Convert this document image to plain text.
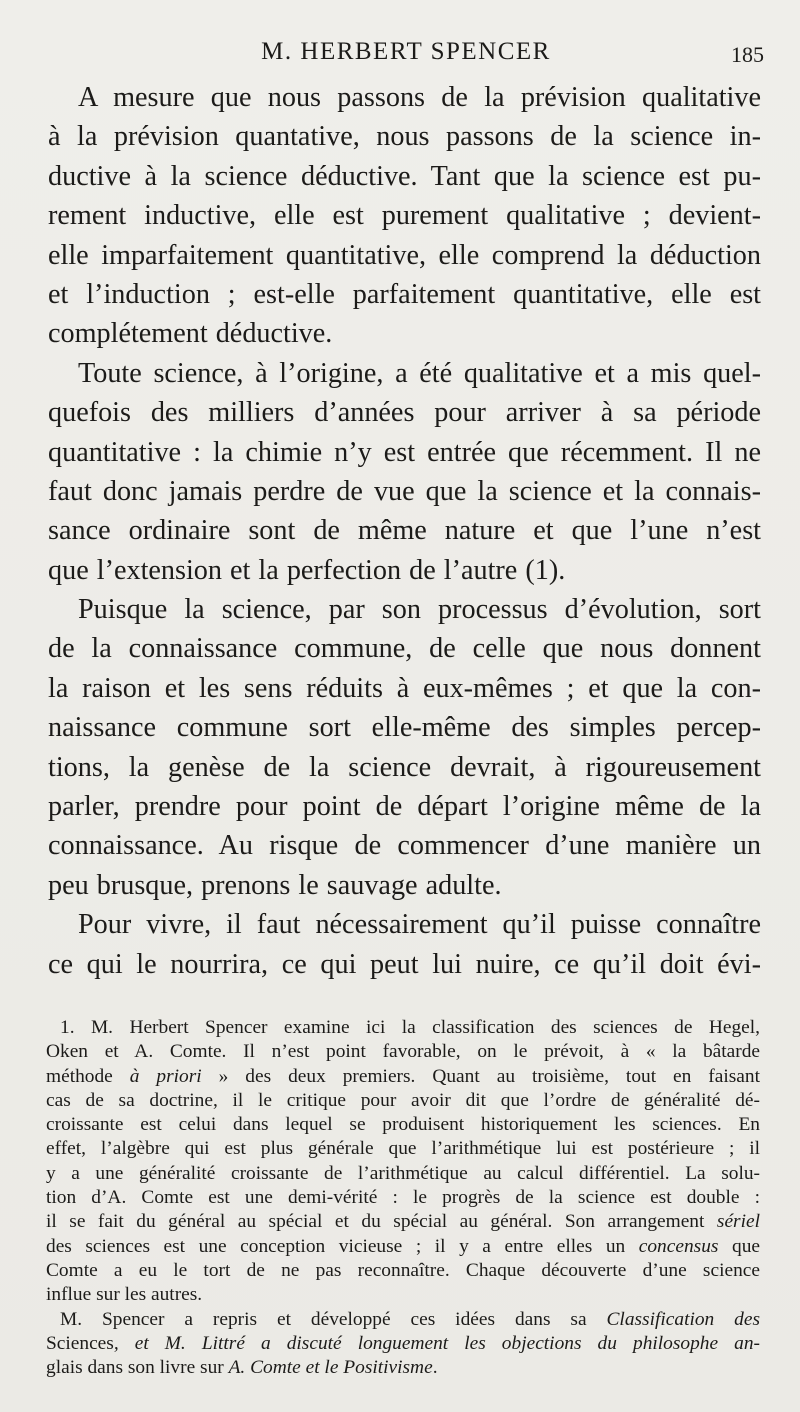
M. HERBERT SPENCER	185
A mesure que nous passons de la prévision qualitative
à la prévision quantative, nous passons de la science in-
ductive à la science déductive. Tant que la science est pu-
rement inductive, elle est purement qualitative ; devient-
elle imparfaitement quantitative, elle comprend la déduction
et l’induction ; est-elle parfaitement quantitative, elle est
complétement déductive.
Toute science, à l’origine, a été qualitative et a mis quel-
quefois des milliers d’années pour arriver à sa période
quantitative : la chimie n’y est entrée que récemment. Il ne
faut donc jamais perdre de vue que la science et la connais-
sance ordinaire sont de même nature et que l’une n’est
que l’extension et la perfection de l’autre (1).
Puisque la science, par son processus d’évolution, sort
de la connaissance commune, de celle que nous donnent
la raison et les sens réduits à eux-mêmes ; et que la con-
naissance commune sort elle-même des simples percep-
tions, la genèse de la science devrait, à rigoureusement
parler, prendre pour point de départ l’origine même de la
connaissance. Au risque de commencer d’une manière un
peu brusque, prenons le sauvage adulte.
Pour vivre, il faut nécessairement qu’il puisse connaître
ce qui le nourrira, ce qui peut lui nuire, ce qu’il doit évi-
1. M. Herbert Spencer examine ici la classification des sciences de Hegel,
Oken et A. Comte. Il n’est point favorable, on le prévoit, à « la bâtarde
méthode à priori » des deux premiers. Quant au troisième, tout en faisant
cas de sa doctrine, il le critique pour avoir dit que l’ordre de généralité dé-
croissante est celui dans lequel se produisent historiquement les sciences. En
effet, l’algèbre qui est plus générale que l’arithmétique lui est postérieure ; il
y a une généralité croissante de l’arithmétique au calcul différentiel. La solu-
tion d’A. Comte est une demi-vérité : le progrès de la science est double :
il se fait du général au spécial et du spécial au général. Son arrangement sériel
des sciences est une conception vicieuse ; il y a entre elles un concensus que
Comte a eu le tort de ne pas reconnaître. Chaque découverte d’une science
influe sur les autres.
M. Spencer a repris et développé ces idées dans sa Classification des
Sciences, et M. Littré a discuté longuement les objections du philosophe an-
glais dans son livre sur A. Comte et le Positivisme.
